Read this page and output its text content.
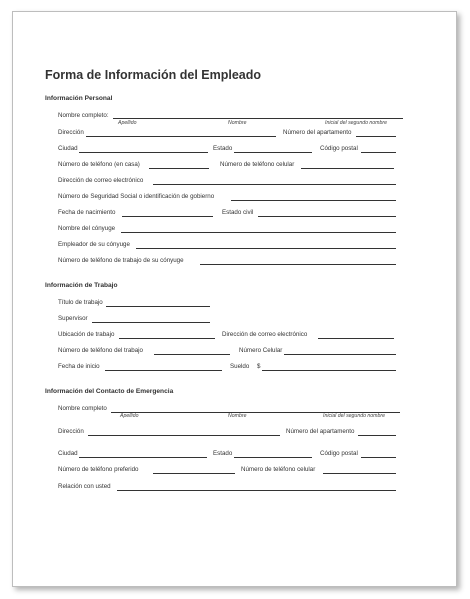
Forma de Información del Empleado
Información Personal
Nombre completo:
Apellido	Nombre	Inicial del segundo nombre
Dirección	Número del apartamento
Ciudad	Estado	Código postal
Número de teléfono (en casa)	Número de teléfono celular
Dirección de correo electrónico
Número de Seguridad Social o identificación de gobierno
Fecha de nacimiento	Estado civil
Nombre del cónyuge
Empleador de su cónyuge
Número de teléfono de trabajo de su cónyuge
Información de Trabajo
Título de trabajo
Supervisor
Ubicación de trabajo	Dirección de correo electrónico
Número de teléfono del trabajo	Número Celular
Fecha de inicio	Sueldo $
Información del Contacto de Emergencia
Nombre completo
Apellido	Nombre	Inicial del segundo nombre
Dirección	Número del apartamento
Ciudad	Estado	Código postal
Número de teléfono preferido	Número de teléfono celular
Relación con usted
